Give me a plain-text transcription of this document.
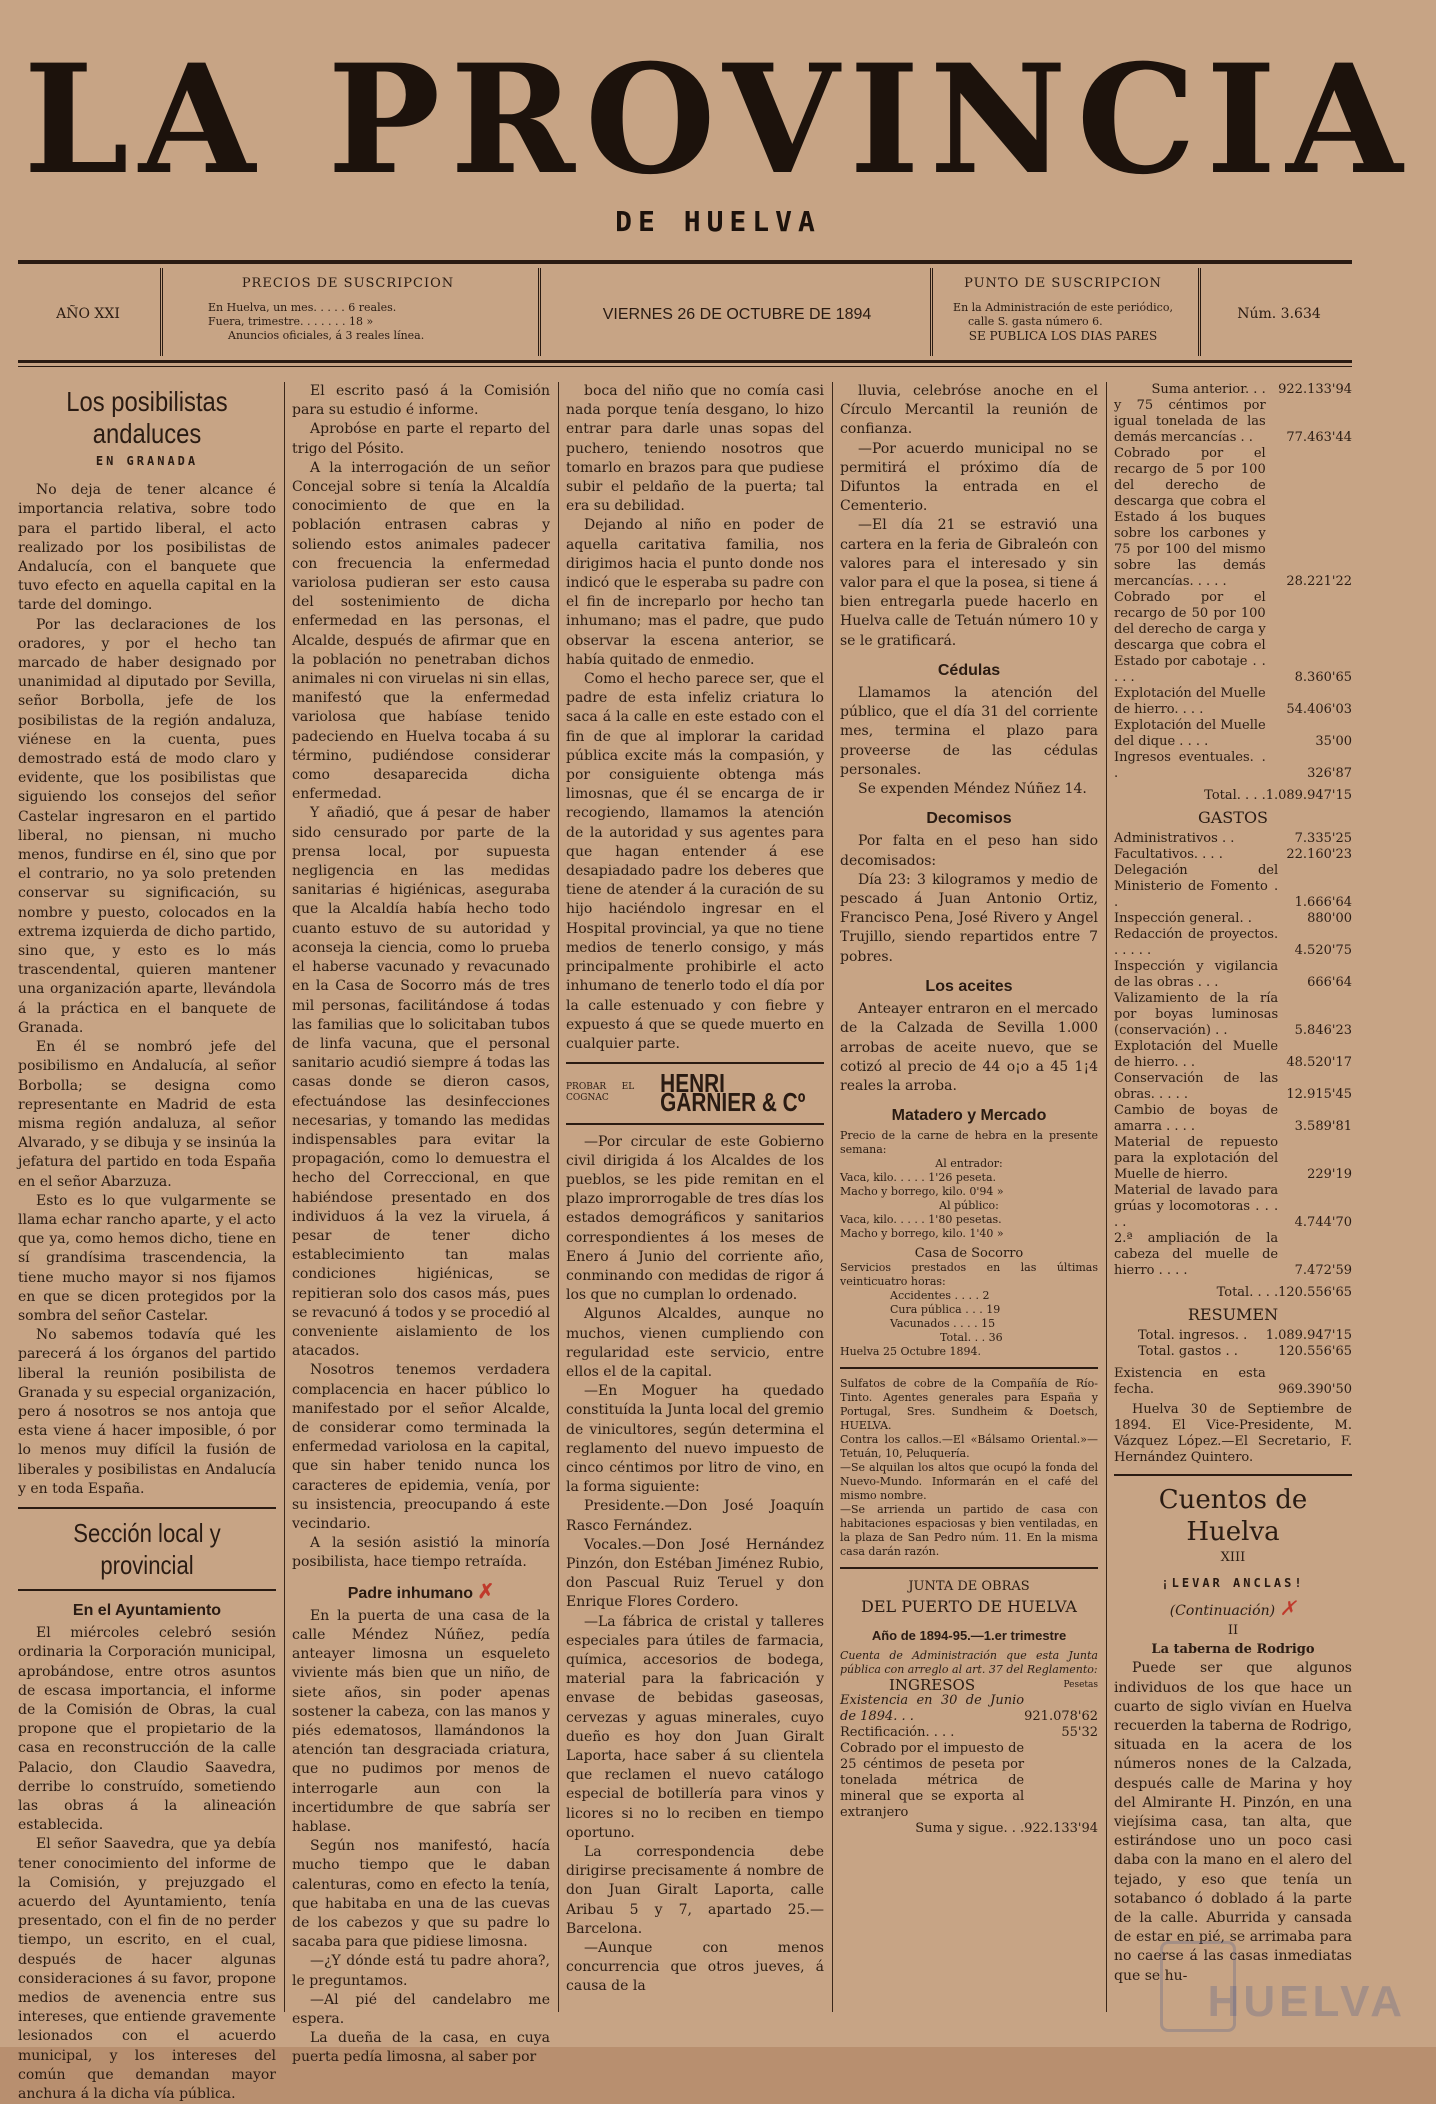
LA PROVINCIA
DE HUELVA
AÑO XXI
PRECIOS DE SUSCRIPCION
En Huelva, un mes. . . . . 6 reales.
Fuera, trimestre. . . . . . . 18 »
Anuncios oficiales, á 3 reales línea.
VIERNES 26 DE OCTUBRE DE 1894
PUNTO DE SUSCRIPCION
En la Administración de este periódico,
calle S. gasta número 6.
SE PUBLICA LOS DIAS PARES
Núm. 3.634
Los posibilistas andaluces
EN GRANADA

No deja de tener alcance é importancia relativa, sobre todo para el partido liberal, el acto realizado por los posibilistas de Andalucía, con el banquete que tuvo efecto en aquella capital en la tarde del domingo.

Por las declaraciones de los oradores, y por el hecho tan marcado de haber designado por unanimidad al diputado por Sevilla, señor Borbolla, jefe de los posibilistas de la región andaluza, viénese en la cuenta, pues demostrado está de modo claro y evidente, que los posibilistas que siguiendo los consejos del señor Castelar ingresaron en el partido liberal, no piensan, ni mucho menos, fundirse en él, sino que por el contrario, no ya solo pretenden conservar su significación, su nombre y puesto, colocados en la extrema izquierda de dicho partido, sino que, y esto es lo más trascendental, quieren mantener una organización aparte, llevándola á la práctica en el banquete de Granada.

En él se nombró jefe del posibilismo en Andalucía, al señor Borbolla; se designa como representante en Madrid de esta misma región andaluza, al señor Alvarado, y se dibuja y se insinúa la jefatura del partido en toda España en el señor Abarzuza.

Esto es lo que vulgarmente se llama echar rancho aparte, y el acto que ya, como hemos dicho, tiene en sí grandísima trascendencia, la tiene mucho mayor si nos fijamos en que se dicen protegidos por la sombra del señor Castelar.

No sabemos todavía qué les parecerá á los órganos del partido liberal la reunión posibilista de Granada y su especial organización, pero á nosotros se nos antoja que esta viene á hacer imposible, ó por lo menos muy difícil la fusión de liberales y posibilistas en Andalucía y en toda España.

Sección local y provincial
En el Ayuntamiento

El miércoles celebró sesión ordinaria la Corporación municipal, aprobándose, entre otros asuntos de escasa importancia, el informe de la Comisión de Obras, la cual propone que el propietario de la casa en reconstrucción de la calle Palacio, don Claudio Saavedra, derribe lo construído, sometiendo las obras á la alineación establecida.

El señor Saavedra, que ya debía tener conocimiento del informe de la Comisión, y prejuzgado el acuerdo del Ayuntamiento, tenía presentado, con el fin de no perder tiempo, un escrito, en el cual, después de hacer algunas consideraciones á su favor, propone medios de avenencia entre sus intereses, que entiende gravemente lesionados con el acuerdo municipal, y los intereses del común que demandan mayor anchura á la dicha vía pública.

El escrito pasó á la Comisión para su estudio é informe.

Aprobóse en parte el reparto del trigo del Pósito.

A la interrogación de un señor Concejal sobre si tenía la Alcaldía conocimiento de que en la población entrasen cabras y soliendo estos animales padecer con frecuencia la enfermedad variolosa pudieran ser esto causa del sostenimiento de dicha enfermedad en las personas, el Alcalde, después de afirmar que en la población no penetraban dichos animales ni con viruelas ni sin ellas, manifestó que la enfermedad variolosa que habíase tenido padeciendo en Huelva tocaba á su término, pudiéndose considerar como desaparecida dicha enfermedad.

Y añadió, que á pesar de haber sido censurado por parte de la prensa local, por supuesta negligencia en las medidas sanitarias é higiénicas, aseguraba que la Alcaldía había hecho todo cuanto estuvo de su autoridad y aconseja la ciencia, como lo prueba el haberse vacunado y revacunado en la Casa de Socorro más de tres mil personas, facilitándose á todas las familias que lo solicitaban tubos de linfa vacuna, que el personal sanitario acudió siempre á todas las casas donde se dieron casos, efectuándose las desinfecciones necesarias, y tomando las medidas indispensables para evitar la propagación, como lo demuestra el hecho del Correccional, en que habiéndose presentado en dos individuos á la vez la viruela, á pesar de tener dicho establecimiento tan malas condiciones higiénicas, se repitieran solo dos casos más, pues se revacunó á todos y se procedió al conveniente aislamiento de los atacados.

Nosotros tenemos verdadera complacencia en hacer público lo manifestado por el señor Alcalde, de considerar como terminada la enfermedad variolosa en la capital, que sin haber tenido nunca los caracteres de epidemia, venía, por su insistencia, preocupando á este vecindario.

A la sesión asistió la minoría posibilista, hace tiempo retraída.

Padre inhumano ✗

En la puerta de una casa de la calle Méndez Núñez, pedía anteayer limosna un esqueleto viviente más bien que un niño, de siete años, sin poder apenas sostener la cabeza, con las manos y piés edematosos, llamándonos la atención tan desgraciada criatura, que no pudimos por menos de interrogarle aun con la incertidumbre de que sabría ser hablase.

Según nos manifestó, hacía mucho tiempo que le daban calenturas, como en efecto la tenía, que habitaba en una de las cuevas de los cabezos y que su padre lo sacaba para que pidiese limosna.

—¿Y dónde está tu padre ahora?, le preguntamos.

—Al pié del candelabro me espera.

La dueña de la casa, en cuya puerta pedía limosna, al saber por

boca del niño que no comía casi nada porque tenía desgano, lo hizo entrar para darle unas sopas del puchero, teniendo nosotros que tomarlo en brazos para que pudiese subir el peldaño de la puerta; tal era su debilidad.

Dejando al niño en poder de aquella caritativa familia, nos dirigimos hacia el punto donde nos indicó que le esperaba su padre con el fin de increparlo por hecho tan inhumano; mas el padre, que pudo observar la escena anterior, se había quitado de enmedio.

Como el hecho parece ser, que el padre de esta infeliz criatura lo saca á la calle en este estado con el fin de que al implorar la caridad pública excite más la compasión, y por consiguiente obtenga más limosnas, que él se encarga de ir recogiendo, llamamos la atención de la autoridad y sus agentes para que hagan entender á ese desapiadado padre los deberes que tiene de atender á la curación de su hijo haciéndolo ingresar en el Hospital provincial, ya que no tiene medios de tenerlo consigo, y más principalmente prohibirle el acto inhumano de tenerlo todo el día por la calle estenuado y con fiebre y expuesto á que se quede muerto en cualquier parte.

PROBAR EL COGNAC
HENRI GARNIER & Cº

—Por circular de este Gobierno civil dirigida á los Alcaldes de los pueblos, se les pide remitan en el plazo improrrogable de tres días los estados demográficos y sanitarios correspondientes á los meses de Enero á Junio del corriente año, conminando con medidas de rigor á los que no cumplan lo ordenado.

Algunos Alcaldes, aunque no muchos, vienen cumpliendo con regularidad este servicio, entre ellos el de la capital.

—En Moguer ha quedado constituída la Junta local del gremio de vinicultores, según determina el reglamento del nuevo impuesto de cinco céntimos por litro de vino, en la forma siguiente:

Presidente.—Don José Joaquín Rasco Fernández.

Vocales.—Don José Hernández Pinzón, don Estéban Jiménez Rubio, don Pascual Ruiz Teruel y don Enrique Flores Cordero.

—La fábrica de cristal y talleres especiales para útiles de farmacia, química, accesorios de bodega, material para la fabricación y envase de bebidas gaseosas, cervezas y aguas minerales, cuyo dueño es hoy don Juan Giralt Laporta, hace saber á su clientela que reclamen el nuevo catálogo especial de botillería para vinos y licores si no lo reciben en tiempo oportuno.

La correspondencia debe dirigirse precisamente á nombre de don Juan Giralt Laporta, calle Aribau 5 y 7, apartado 25.—Barcelona.

—Aunque con menos concurrencia que otros jueves, á causa de la

lluvia, celebróse anoche en el Círculo Mercantil la reunión de confianza.

—Por acuerdo municipal no se permitirá el próximo día de Difuntos la entrada en el Cementerio.

—El día 21 se estravió una cartera en la feria de Gibraleón con valores para el interesado y sin valor para el que la posea, si tiene á bien entregarla puede hacerlo en Huelva calle de Tetuán número 10 y se le gratificará.

Cédulas

Llamamos la atención del público, que el día 31 del corriente mes, termina el plazo para proveerse de las cédulas personales.

Se expenden Méndez Núñez 14.

Decomisos

Por falta en el peso han sido decomisados:

Día 23: 3 kilogramos y medio de pescado á Juan Antonio Ortiz, Francisco Pena, José Rivero y Angel Trujillo, siendo repartidos entre 7 pobres.

Los aceites

Anteayer entraron en el mercado de la Calzada de Sevilla 1.000 arrobas de aceite nuevo, que se cotizó al precio de 44 o¡o a 45 1¡4 reales la arroba.

Matadero y Mercado
Precio de la carne de hebra en la presente semana:
Al entrador:
Vaca, kilo. . . . . 1'26 peseta.
Macho y borrego, kilo. 0'94 »
Al público:
Vaca, kilo. . . . . 1'80 pesetas.
Macho y borrego, kilo. 1'40 »
Casa de Socorro
Servicios prestados en las últimas veinticuatro horas:
Accidentes . . . . 2
Cura pública . . . 19
Vacunados . . . . 15
Total. . . 36
Huelva 25 Octubre 1894.
Sulfatos de cobre de la Compañía de Río-Tinto. Agentes generales para España y Portugal, Sres. Sundheim & Doetsch, HUELVA.
Contra los callos.—El «Bálsamo Oriental.»—Tetuán, 10, Peluquería.
—Se alquilan los altos que ocupó la fonda del Nuevo-Mundo. Informarán en el café del mismo nombre.
—Se arrienda un partido de casa con habitaciones espaciosas y bien ventiladas, en la plaza de San Pedro núm. 11. En la misma casa darán razón.
JUNTA DE OBRAS
DEL PUERTO DE HUELVA
Año de 1894-95.—1.er trimestre
Cuenta de Administración que esta Junta pública con arreglo al art. 37 del Reglamento:
INGRESOS	Pesetas
Existencia en 30 de Junio de 1894. . .	921.078'62
Rectificación. . . .	55'32
Cobrado por el impuesto de 25 céntimos de peseta por tonelada métrica de mineral que se exporta al extranjero	
Suma y sigue. . .	922.133'94
Suma anterior. . .	922.133'94
y 75 céntimos por igual tonelada de las demás mercancías . .	77.463'44
Cobrado por el recargo de 5 por 100 del derecho de descarga que cobra el Estado á los buques sobre los carbones y 75 por 100 del mismo sobre las demás mercancías. . . . .	28.221'22
Cobrado por el recargo de 50 por 100 del derecho de carga y descarga que cobra el Estado por cabotaje . . . . .	8.360'65
Explotación del Muelle de hierro. . . .	54.406'03
Explotación del Muelle del dique . . . .	35'00
Ingresos eventuales. . .	326'87
Total. . . .	1.089.947'15
GASTOS
Administrativos . .	7.335'25
Facultativos. . . .	22.160'23
Delegación del Ministerio de Fomento . .	1.666'64
Inspección general. .	880'00
Redacción de proyectos. . . . . .	4.520'75
Inspección y vigilancia de las obras . . .	666'64
Valizamiento de la ría por boyas luminosas (conservación) . .	5.846'23
Explotación del Muelle de hierro. . .	48.520'17
Conservación de las obras. . . . .	12.915'45
Cambio de boyas de amarra . . . .	3.589'81
Material de repuesto para la explotación del Muelle de hierro.	229'19
Material de lavado para grúas y locomotoras . . . . .	4.744'70
2.ª ampliación de la cabeza del muelle de hierro . . . .	7.472'59
Total. . . .	120.556'65
RESUMEN
Total. ingresos. .	1.089.947'15
Total. gastos . .	120.556'65
Existencia en esta fecha.	969.390'50

Huelva 30 de Septiembre de 1894. El Vice-Presidente, M. Vázquez López.—El Secretario, F. Hernández Quintero.

Cuentos de Huelva
XIII
¡LEVAR ANCLAS!
(Continuación) ✗
II
La taberna de Rodrigo

Puede ser que algunos individuos de los que hace un cuarto de siglo vivían en Huelva recuerden la taberna de Rodrigo, situada en la acera de los números nones de la Calzada, después calle de Marina y hoy del Almirante H. Pinzón, en una viejísima casa, tan alta, que estirándose uno un poco casi daba con la mano en el alero del tejado, y eso que tenía un sotabanco ó doblado á la parte de la calle. Aburrida y cansada de estar en pié, se arrimaba para no caerse á las casas inmediatas que se hu-

HUELVA
